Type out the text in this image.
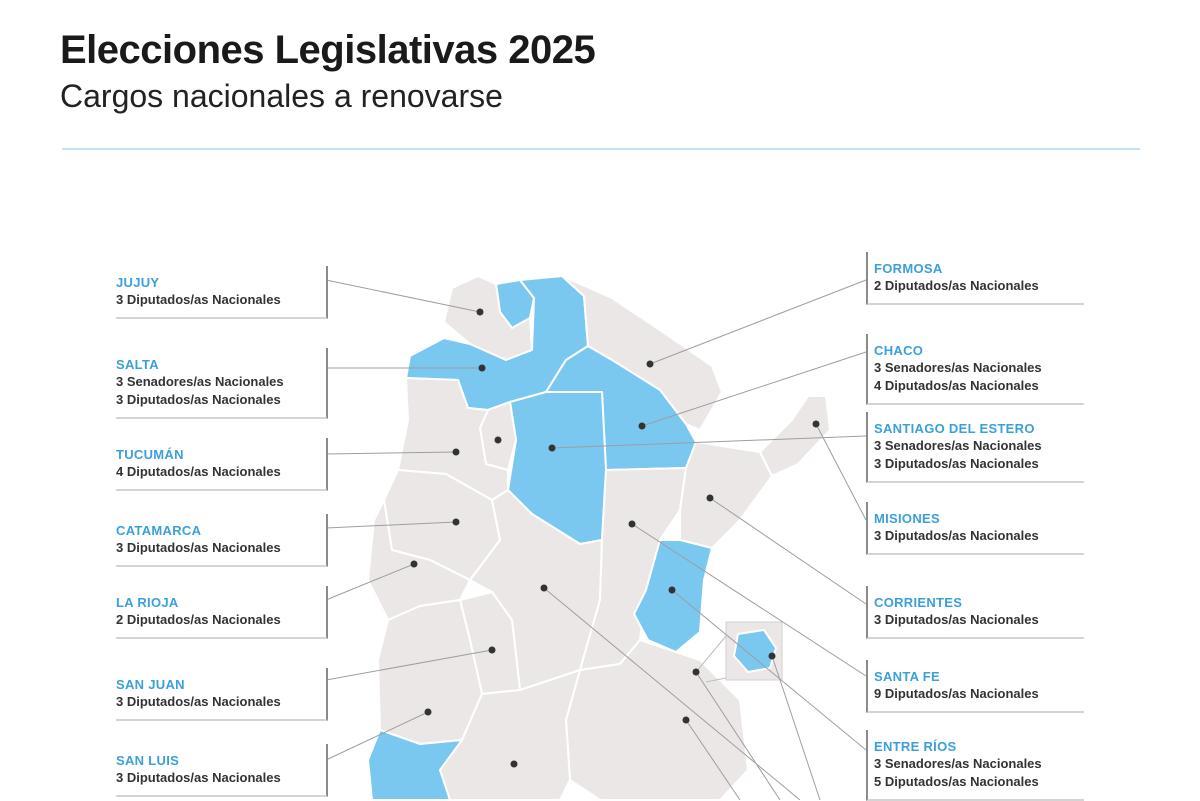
Elecciones Legislativas 2025
Cargos nacionales a renovarse
JUJUY
3 Diputados/as Nacionales
SALTA
3 Senadores/as Nacionales
3 Diputados/as Nacionales
TUCUMÁN
4 Diputados/as Nacionales
CATAMARCA
3 Diputados/as Nacionales
LA RIOJA
2 Diputados/as Nacionales
SAN JUAN
3 Diputados/as Nacionales
SAN LUIS
3 Diputados/as Nacionales
FORMOSA
2 Diputados/as Nacionales
CHACO
3 Senadores/as Nacionales
4 Diputados/as Nacionales
SANTIAGO DEL ESTERO
3 Senadores/as Nacionales
3 Diputados/as Nacionales
MISIONES
3 Diputados/as Nacionales
CORRIENTES
3 Diputados/as Nacionales
SANTA FE
9 Diputados/as Nacionales
ENTRE RÍOS
3 Senadores/as Nacionales
5 Diputados/as Nacionales
